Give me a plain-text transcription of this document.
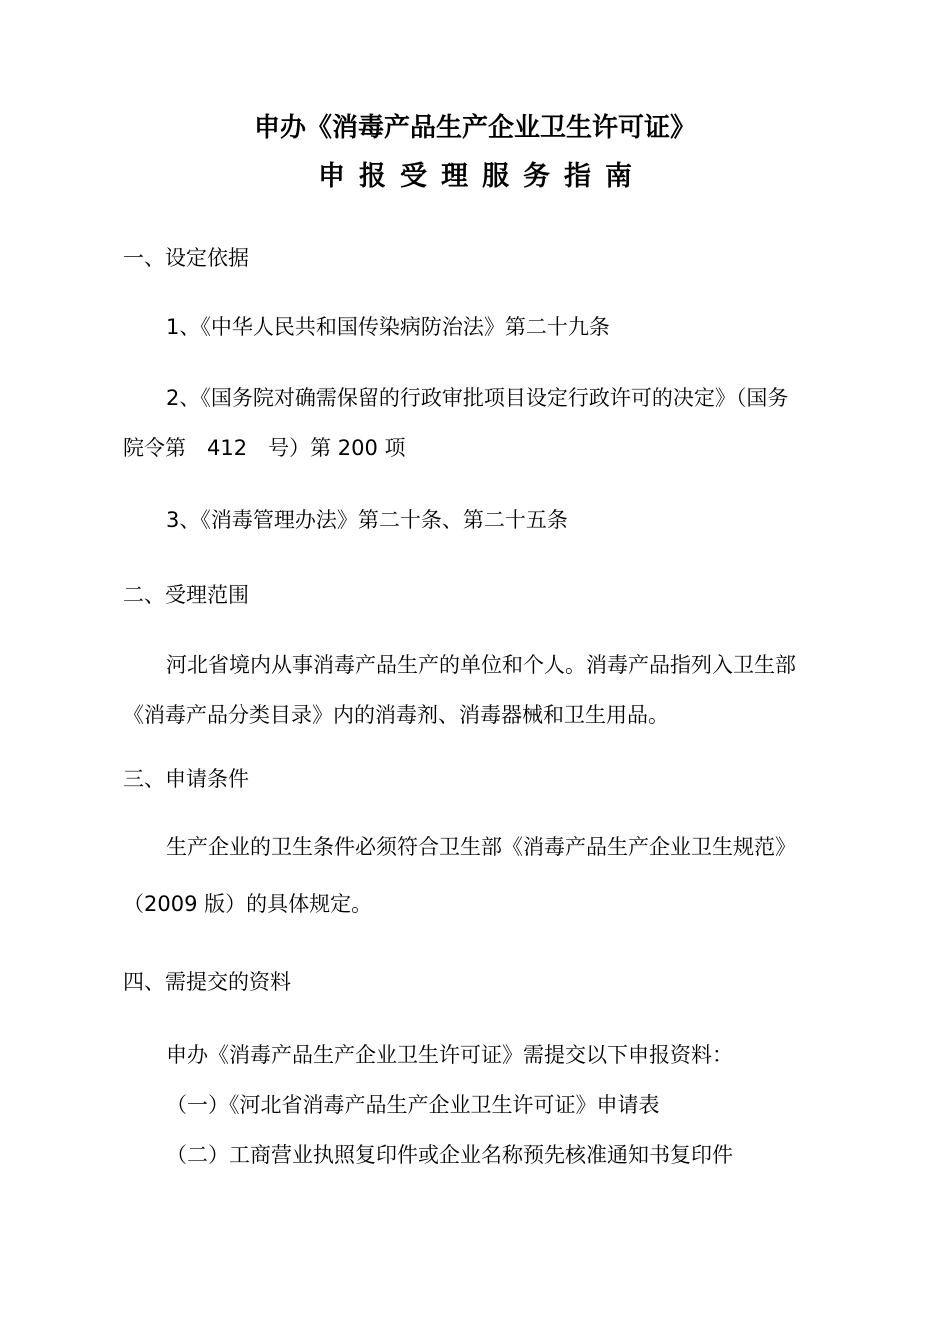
申办《消毒产品生产企业卫生许可证》
申报受理服务指南
一、设定依据
1、《中华人民共和国传染病防治法》第二十九条
2、《国务院对确需保留的行政审批项目设定行政许可的决定》（国务
院令第　412　号）第 200 项
3、《消毒管理办法》第二十条、第二十五条
二、受理范围
河北省境内从事消毒产品生产的单位和个人。消毒产品指列入卫生部
《消毒产品分类目录》内的消毒剂、消毒器械和卫生用品。
三、申请条件
生产企业的卫生条件必须符合卫生部《消毒产品生产企业卫生规范》
（2009 版）的具体规定。
四、需提交的资料
申办《消毒产品生产企业卫生许可证》需提交以下申报资料：
（一）《河北省消毒产品生产企业卫生许可证》申请表
（二）工商营业执照复印件或企业名称预先核准通知书复印件
